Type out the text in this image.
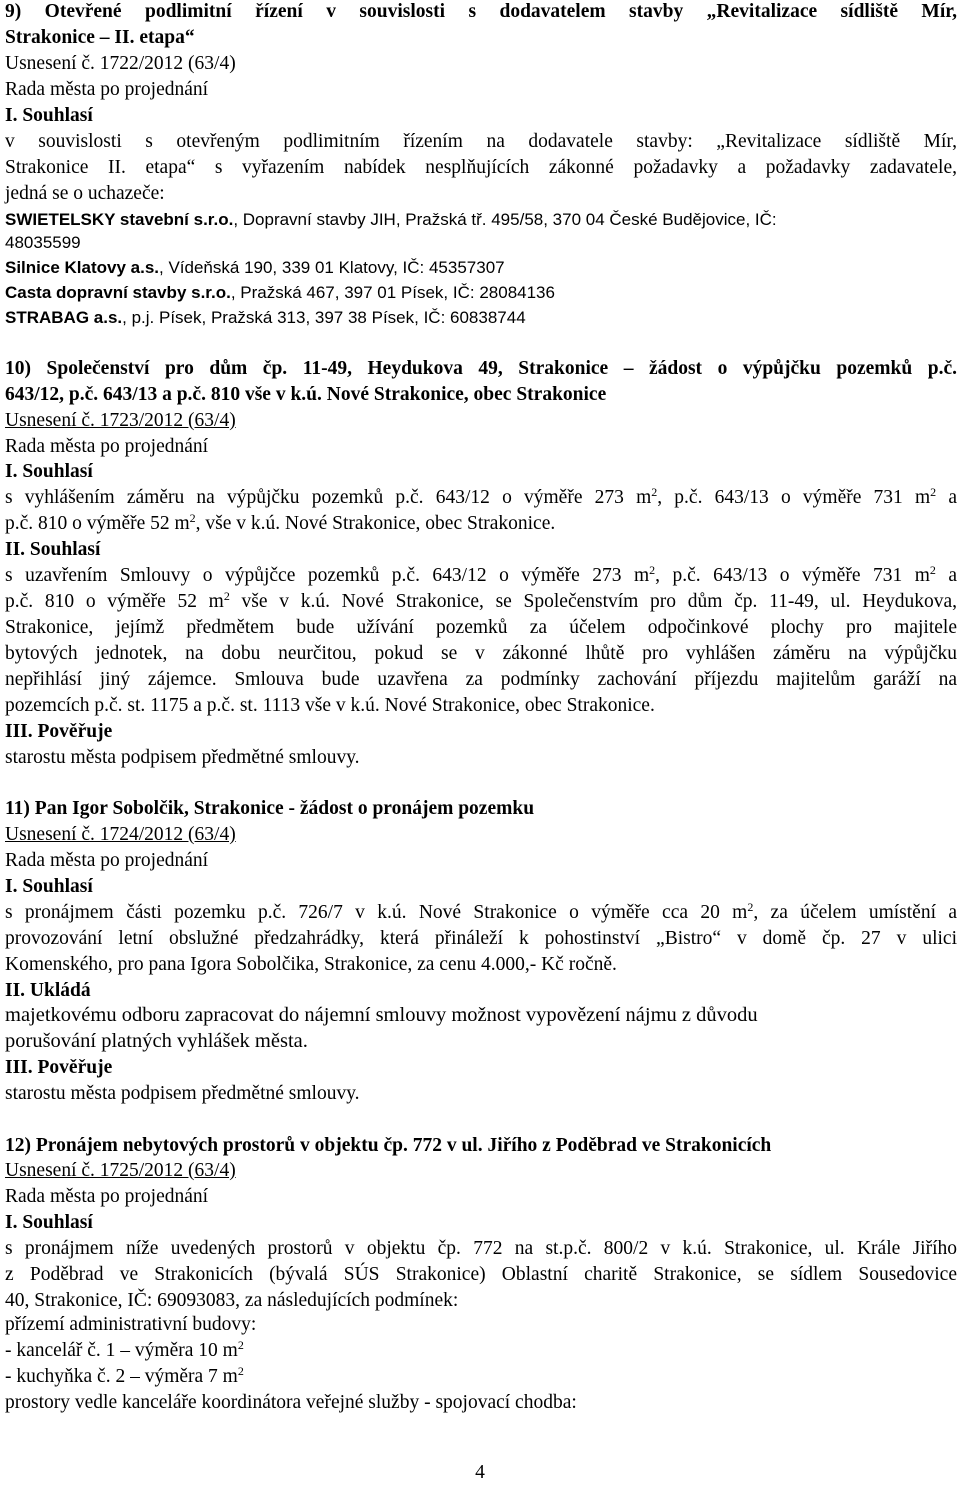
9) Otevřené podlimitní řízení v souvislosti s dodavatelem stavby „Revitalizace sídliště Mír,
Strakonice – II. etapa“
Usnesení č. 1722/2012 (63/4)
Rada města po projednání
I. Souhlasí
v souvislosti s otevřeným podlimitním řízením na dodavatele stavby: „Revitalizace sídliště Mír,
Strakonice II. etapa“ s vyřazením nabídek nesplňujících zákonné požadavky a požadavky zadavatele,
jedná se o uchazeče:
SWIETELSKY stavební s.r.o., Dopravní stavby JIH, Pražská tř. 495/58, 370 04 České Budějovice, IČ:
48035599
Silnice Klatovy a.s., Vídeňská 190, 339 01 Klatovy, IČ: 45357307
Casta dopravní stavby s.r.o., Pražská 467, 397 01 Písek, IČ: 28084136
STRABAG a.s., p.j. Písek, Pražská 313, 397 38 Písek, IČ: 60838744
10) Společenství pro dům čp. 11-49, Heydukova 49, Strakonice – žádost o výpůjčku pozemků p.č.
643/12, p.č. 643/13 a p.č. 810 vše v k.ú. Nové Strakonice, obec Strakonice
Usnesení č. 1723/2012 (63/4)
Rada města po projednání
I. Souhlasí
s vyhlášením záměru na výpůjčku pozemků p.č. 643/12 o výměře 273 $m^2$, p.č. 643/13 o výměře 731 $m^2$ a
p.č. 810 o výměře 52 $m^2$, vše v k.ú. Nové Strakonice, obec Strakonice.
II. Souhlasí
s uzavřením Smlouvy o výpůjčce pozemků p.č. 643/12 o výměře 273 $m^2$, p.č. 643/13 o výměře 731 $m^2$ a
p.č. 810 o výměře 52 $m^2$ vše v k.ú. Nové Strakonice, se Společenstvím pro dům čp. 11-49, ul. Heydukova,
Strakonice, jejímž předmětem bude užívání pozemků za účelem odpočinkové plochy pro majitele
bytových jednotek, na dobu neurčitou, pokud se v zákonné lhůtě pro vyhlášen záměru na výpůjčku
nepřihlásí jiný zájemce. Smlouva bude uzavřena za podmínky zachování příjezdu majitelům garáží na
pozemcích p.č. st. 1175 a p.č. st. 1113 vše v k.ú. Nové Strakonice, obec Strakonice.
III. Pověřuje
starostu města podpisem předmětné smlouvy.
11) Pan Igor Sobolčik, Strakonice - žádost o pronájem pozemku
Usnesení č. 1724/2012 (63/4)
Rada města po projednání
I. Souhlasí
s pronájmem části pozemku p.č. 726/7 v k.ú. Nové Strakonice o výměře cca 20 $m^2$, za účelem umístění a
provozování letní obslužné předzahrádky, která přináleží k pohostinství „Bistro“ v domě čp. 27 v ulici
Komenského, pro pana Igora Sobolčika, Strakonice, za cenu 4.000,- Kč ročně.
II. Ukládá
majetkovému odboru zapracovat do nájemní smlouvy možnost vypovězení nájmu z důvodu
porušování platných vyhlášek města.
III. Pověřuje
starostu města podpisem předmětné smlouvy.
12) Pronájem nebytových prostorů v objektu čp. 772 v ul. Jiřího z Poděbrad ve Strakonicích
Usnesení č. 1725/2012 (63/4)
Rada města po projednání
I. Souhlasí
s pronájmem níže uvedených prostorů v objektu čp. 772 na st.p.č. 800/2 v k.ú. Strakonice, ul. Krále Jiřího
z Poděbrad ve Strakonicích (bývalá SÚS Strakonice) Oblastní charitě Strakonice, se sídlem Sousedovice
40, Strakonice, IČ: 69093083, za následujících podmínek:
přízemí administrativní budovy:
- kancelář č. 1 – výměra 10 $m^2$
- kuchyňka č. 2 – výměra 7 $m^2$
prostory vedle kanceláře koordinátora veřejné služby - spojovací chodba:
4
